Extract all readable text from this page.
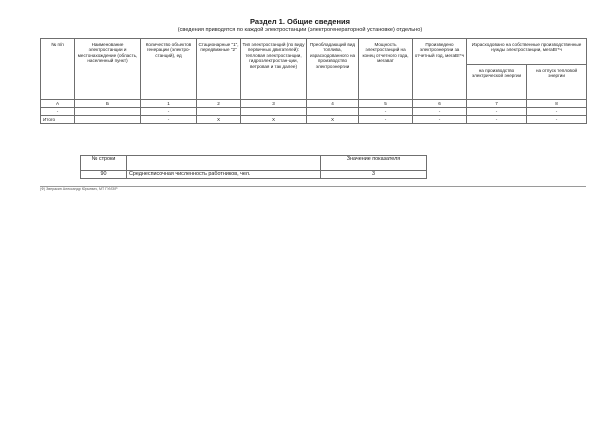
Раздел 1. Общие сведения
(сведения приводятся по каждой электростанции (электрогенераторной установке) отдельно)
№ п/п	Наименование электростанции и местонахождение (область, населенный пункт)	Количество объектов генерации (электро-станций), ед	Стационарные "1", передвижные "2"	Тип электростанций (по виду первичных двигателей): тепловая электростанции, гидроэлектростан-ции, ветровая и так далее)	Преобладающий вид топлива, израсходованного на производство электроэнергии	Мощность электростанций на конец отчетного года, мегават	Произведено электроэнергии за отчетный год, мегаВт*ч	Израсходовано на собственные производственные нужды электростанции, мегаВт*ч	
								на производство электрической энергии	на отпуск тепловой энергии
А	Б	1	2	3	4	5	6	7	8
-		-				-	-	-	-
Итого		-	Х	Х	Х	-	-	-	-
№ строки		Значение показателя
90	Среднесписочная численность работников, чел.	3
(Ф) Зверакин Александр Юрьевич, МТ ГУИЗ/Р
